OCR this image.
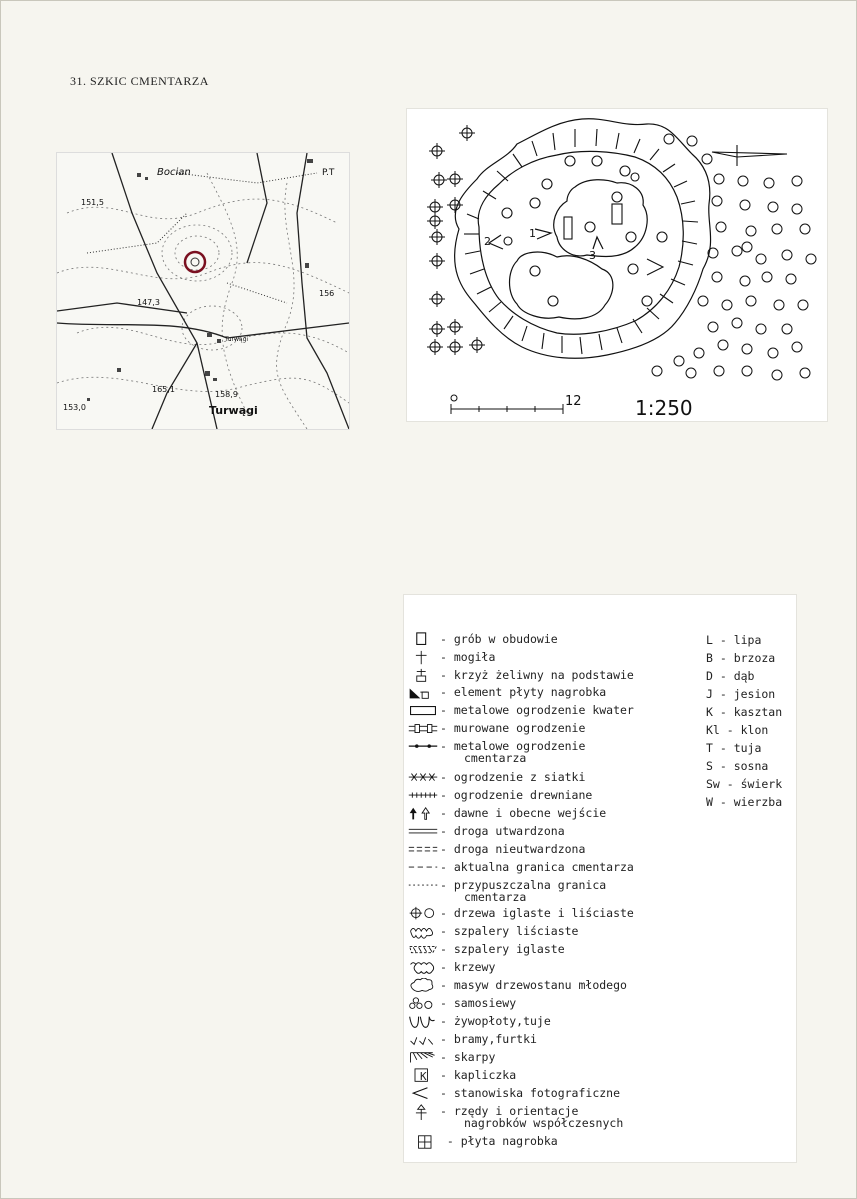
31. SZKIC CMENTARZA
Bocian	P.T
Turwągi
Turwągi
151,5
147,3
156
165,1
158,9
153,0
1
2
3
0	12	1:250
- grób w obudowie
- mogiła
- krzyż żeliwny na podstawie
- element płyty nagrobka
- metalowe ogrodzenie kwater
- murowane ogrodzenie
- metalowe ogrodzenie
cmentarza
- ogrodzenie z siatki
- ogrodzenie drewniane
- dawne i obecne wejście
- droga utwardzona
- droga nieutwardzona
- aktualna granica cmentarza
- przypuszczalna granica
cmentarza
- drzewa iglaste i liściaste
- szpalery liściaste
- szpalery iglaste
- krzewy
- masyw drzewostanu młodego
- samosiewy
- żywopłoty,tuje
- bramy,furtki
- skarpy
- kapliczka
K
- stanowiska fotograficzne
- rzędy i orientacje
nagrobków współczesnych
- płyta nagrobka
L - lipa
B - brzoza
D - dąb
J - jesion
K - kasztan
Kl - klon
T - tuja
S - sosna
Sw - świerk
W - wierzba
